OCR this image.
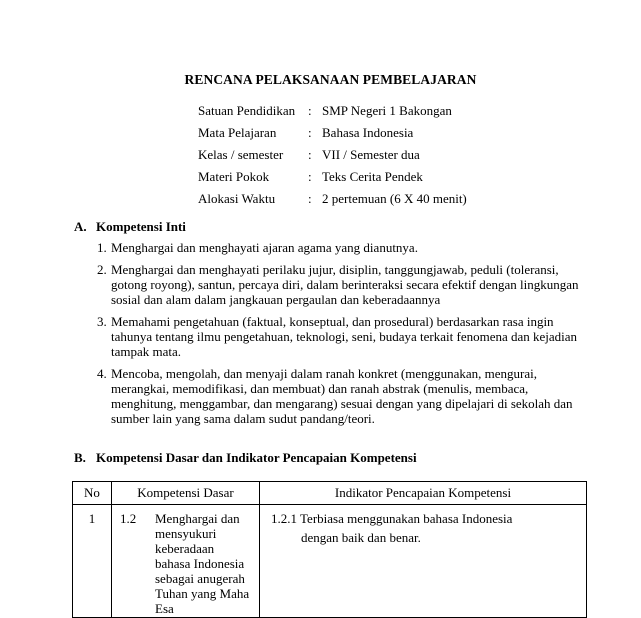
RENCANA PELAKSANAAN PEMBELAJARAN
Satuan Pendidikan : SMP Negeri 1 Bakongan
Mata Pelajaran : Bahasa Indonesia
Kelas / semester : VII / Semester dua
Materi Pokok	: Teks Cerita Pendek
Alokasi Waktu	: 2 pertemuan (6 X 40 menit)
A. Kompetensi Inti
1. Menghargai dan menghayati ajaran agama yang dianutnya.
2. Menghargai dan menghayati perilaku jujur, disiplin, tanggungjawab, peduli (toleransi, gotong royong), santun, percaya diri, dalam berinteraksi secara efektif dengan lingkungan sosial dan alam dalam jangkauan pergaulan dan keberadaannya
3. Memahami pengetahuan (faktual, konseptual, dan prosedural) berdasarkan rasa ingin tahunya tentang ilmu pengetahuan, teknologi, seni, budaya terkait fenomena dan kejadian tampak mata.
4. Mencoba, mengolah, dan menyaji dalam ranah konkret (menggunakan, mengurai, merangkai, memodifikasi, dan membuat) dan ranah abstrak (menulis, membaca, menghitung, menggambar, dan mengarang) sesuai dengan yang dipelajari di sekolah dan sumber lain yang sama dalam sudut pandang/teori.
B. Kompetensi Dasar dan Indikator Pencapaian Kompetensi
No	Kompetensi Dasar	Indikator Pencapaian Kompetensi
1	1.2 Menghargai dan mensyukuri keberadaan bahasa Indonesia sebagai anugerah Tuhan yang Maha Esa	1.2.1 Terbiasa menggunakan bahasa Indonesia
dengan baik dan benar.
